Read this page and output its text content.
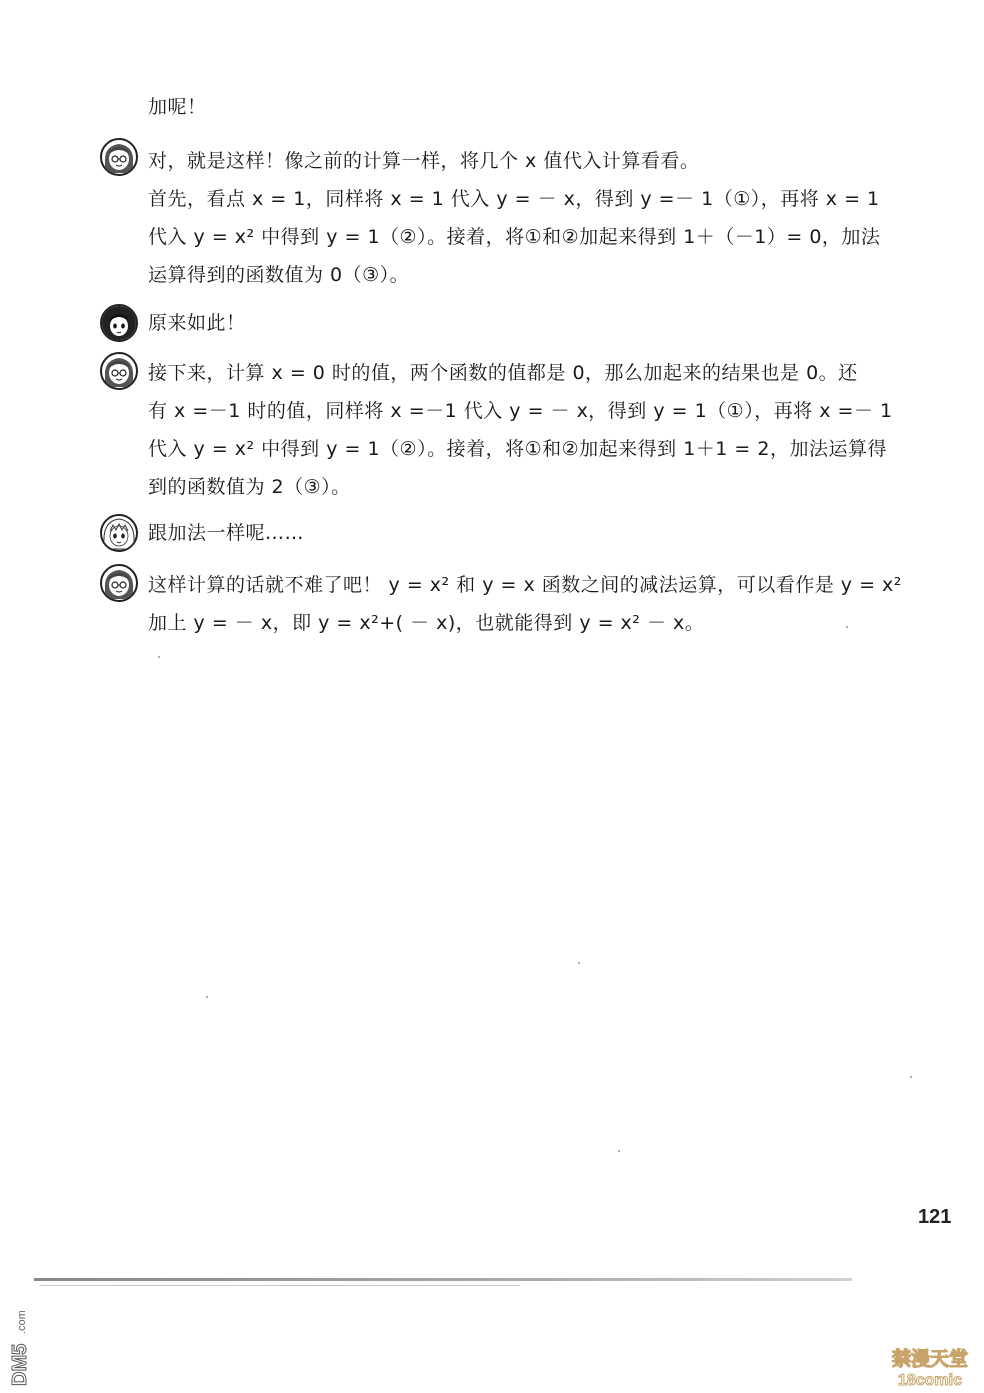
加呢！
对，就是这样！像之前的计算一样，将几个 x 值代入计算看看。
首先，看点 x = 1，同样将 x = 1 代入 y = － x，得到 y =－ 1（①），再将 x = 1
代入 y = x² 中得到 y = 1（②）。接着，将①和②加起来得到 1＋（－1）= 0，加法
运算得到的函数值为 0（③）。
原来如此！
接下来，计算 x = 0 时的值，两个函数的值都是 0，那么加起来的结果也是 0。还
有 x =－1 时的值，同样将 x =－1 代入 y = － x，得到 y = 1（①），再将 x =－ 1
代入 y = x² 中得到 y = 1（②）。接着，将①和②加起来得到 1＋1 = 2，加法运算得
到的函数值为 2（③）。
跟加法一样呢……
这样计算的话就不难了吧！ y = x² 和 y = x 函数之间的减法运算，可以看作是 y = x²
加上 y = － x，即 y = x²+( － x)，也就能得到 y = x² － x。
121
DM5
.com
禁漫天堂
18comic
